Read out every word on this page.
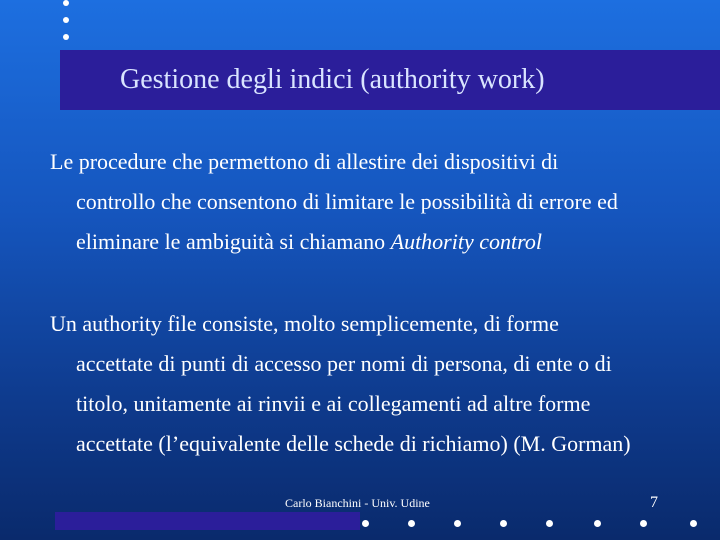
Gestione degli indici (authority work)
Le procedure che permettono di allestire dei dispositivi di
controllo che consentono di limitare le possibilità di errore ed
eliminare le ambiguità si chiamano Authority control
Un authority file consiste, molto semplicemente, di forme
accettate di punti di accesso per nomi di persona, di ente o di
titolo, unitamente ai rinvii e ai collegamenti ad altre forme
accettate (l’equivalente delle schede di richiamo) (M. Gorman)
Carlo Bianchini - Univ. Udine	7
